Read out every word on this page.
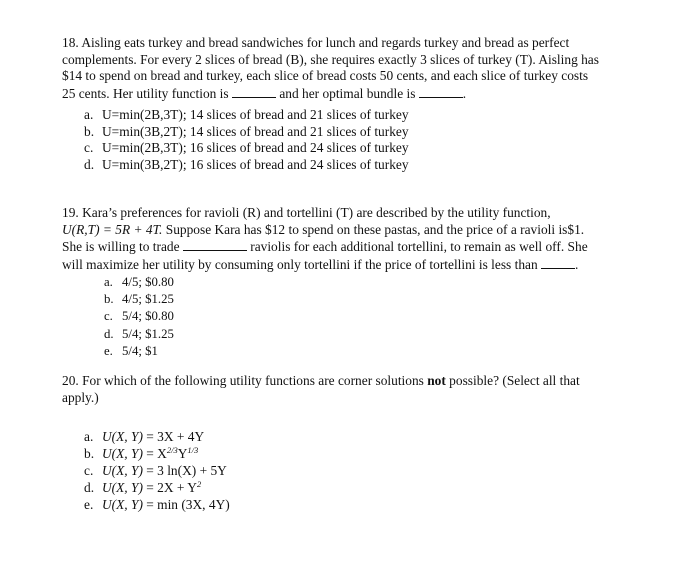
18. Aisling eats turkey and bread sandwiches for lunch and regards turkey and bread as perfect
complements. For every 2 slices of bread (B), she requires exactly 3 slices of turkey (T). Aisling has
$14 to spend on bread and turkey, each slice of bread costs 50 cents, and each slice of turkey costs
25 cents. Her utility function is	and her optimal bundle is	.

a. U=min(2B,3T); 14 slices of bread and 21 slices of turkey
b. U=min(3B,2T); 14 slices of bread and 21 slices of turkey
c. U=min(2B,3T); 16 slices of bread and 24 slices of turkey
d. U=min(3B,2T); 16 slices of bread and 24 slices of turkey

19. Kara’s preferences for ravioli (R) and tortellini (T) are described by the utility function,
U(R,T) = 5R + 4T. Suppose Kara has $12 to spend on these pastas, and the price of a ravioli is$1.
She is willing to trade	raviolis for each additional tortellini, to remain as well off. She
will maximize her utility by consuming only tortellini if the price of tortellini is less than	.

a. 4/5; $0.80
b. 4/5; $1.25
c. 5/4; $0.80
d. 5/4; $1.25
e. 5/4; $1

20. For which of the following utility functions are corner solutions not possible? (Select all that
apply.)

a. U(X, Y) = 3X + 4Y
b. U(X, $Y) = X^{2/3}Y^{1/3}$
c. U(X, Y) = 3 ln(X) + 5Y
d. U(X, $Y) = 2X + Y^2$
e. U(X, Y) = min (3X, 4Y)
